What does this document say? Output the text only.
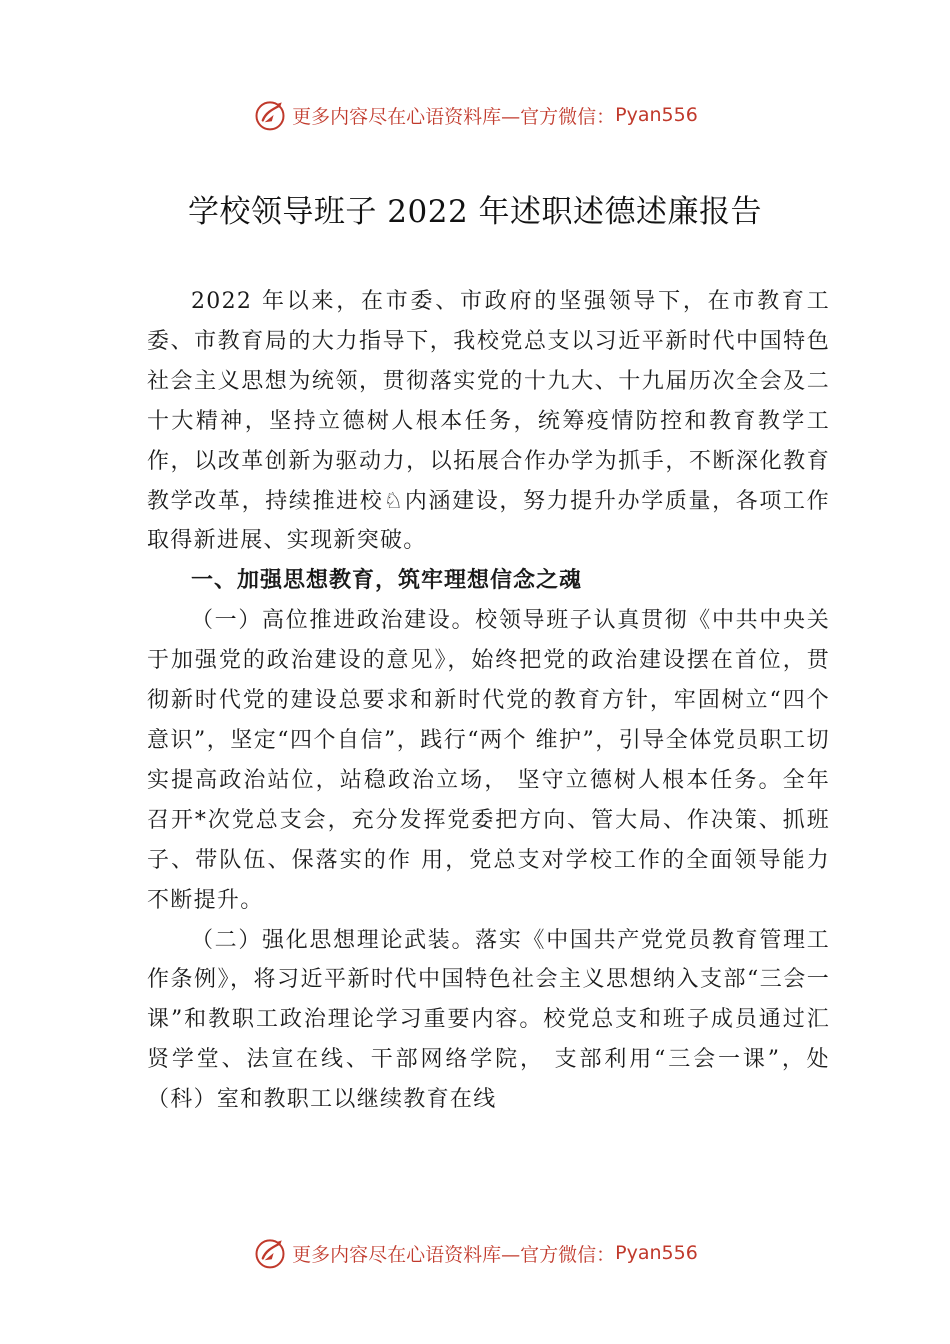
更多内容尽在心语资料库—官方微信： Pyan556
学校领导班子 2022 年述职述德述廉报告

2022 年以来，在市委、市政府的坚强领导下，在市教育工委、市教育局的大力指导下，我校党总支以习近平新时代中国特色社会主义思想为统领，贯彻落实党的十九大、十九届历次全会及二十大精神，坚持立德树人根本任务，统筹疫情防控和教育教学工作，以改革创新为驱动力，以拓展合作办学为抓手，不断深化教育教学改革，持续推进校♘内涵建设，努力提升办学质量，各项工作取得新进展、实现新突破。

一、加强思想教育，筑牢理想信念之魂

（一）高位推进政治建设。校领导班子认真贯彻《中共中央关于加强党的政治建设的意见》，始终把党的政治建设摆在首位，贯彻新时代党的建设总要求和新时代党的教育方针，牢固树立“四个意识”，坚定“四个自信”，践行“两个 维护”，引导全体党员职工切实提高政治站位，站稳政治立场， 坚守立德树人根本任务。全年召开*次党总支会，充分发挥党委把方向、管大局、作决策、抓班子、带队伍、保落实的作 用，党总支对学校工作的全面领导能力不断提升。

（二）强化思想理论武装。落实《中国共产党党员教育管理工作条例》，将习近平新时代中国特色社会主义思想纳入支部“三会一课”和教职工政治理论学习重要内容。校党总支和班子成员通过汇贤学堂、法宣在线、干部网络学院， 支部利用“三会一课”，处（科）室和教职工以继续教育在线

更多内容尽在心语资料库—官方微信： Pyan556
